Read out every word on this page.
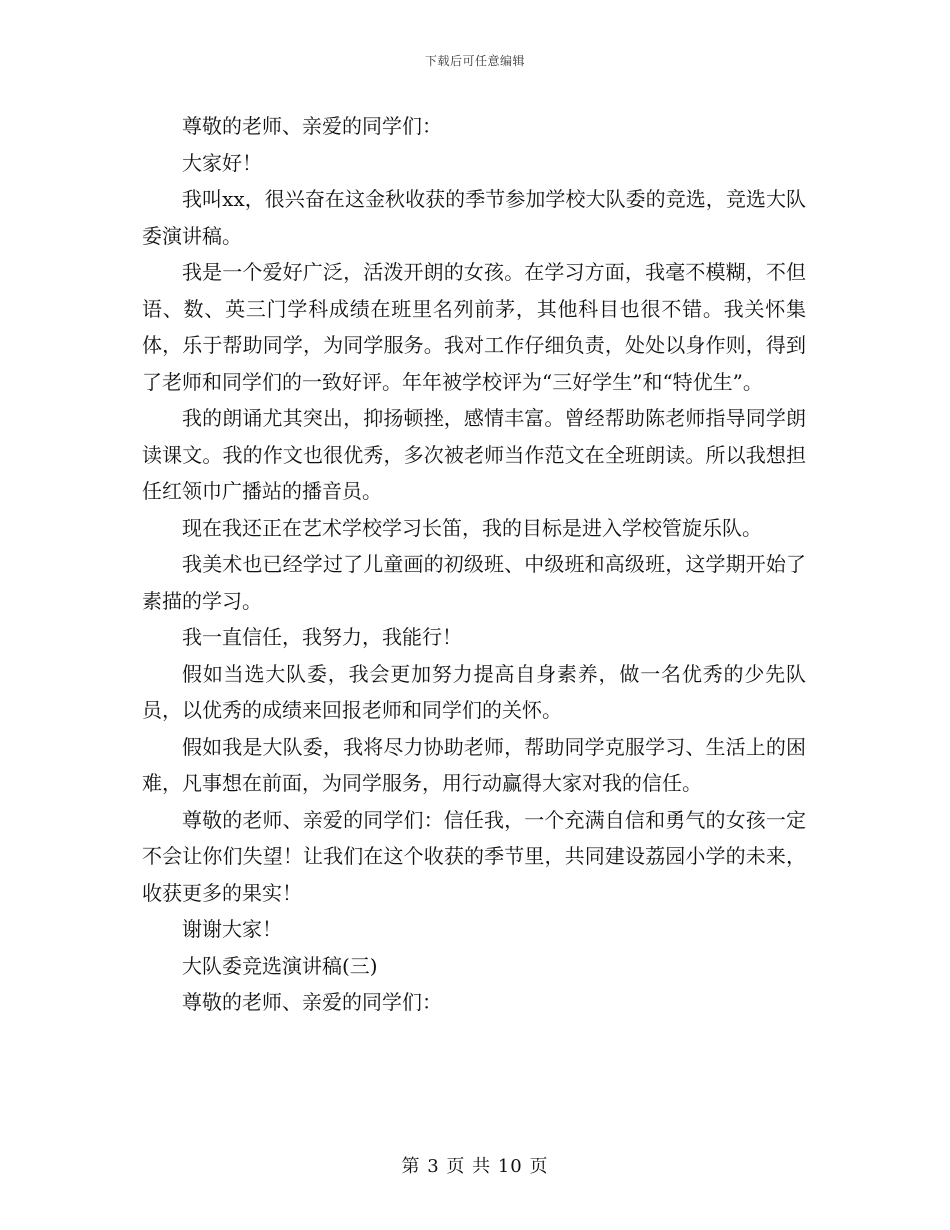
下载后可任意编辑

尊敬的老师、亲爱的同学们：

大家好！

我叫xx，很兴奋在这金秋收获的季节参加学校大队委的竞选，竞选大队委演讲稿。

我是一个爱好广泛，活泼开朗的女孩。在学习方面，我毫不模糊，不但语、数、英三门学科成绩在班里名列前茅，其他科目也很不错。我关怀集体，乐于帮助同学，为同学服务。我对工作仔细负责，处处以身作则，得到了老师和同学们的一致好评。年年被学校评为“三好学生”和“特优生”。

我的朗诵尤其突出，抑扬顿挫，感情丰富。曾经帮助陈老师指导同学朗读课文。我的作文也很优秀，多次被老师当作范文在全班朗读。所以我想担任红领巾广播站的播音员。

现在我还正在艺术学校学习长笛，我的目标是进入学校管旋乐队。

我美术也已经学过了儿童画的初级班、中级班和高级班，这学期开始了素描的学习。

我一直信任，我努力，我能行！

假如当选大队委，我会更加努力提高自身素养，做一名优秀的少先队员，以优秀的成绩来回报老师和同学们的关怀。

假如我是大队委，我将尽力协助老师，帮助同学克服学习、生活上的困难，凡事想在前面，为同学服务，用行动赢得大家对我的信任。

尊敬的老师、亲爱的同学们：信任我，一个充满自信和勇气的女孩一定不会让你们失望！让我们在这个收获的季节里，共同建设荔园小学的未来，收获更多的果实！

谢谢大家！

大队委竞选演讲稿(三)

尊敬的老师、亲爱的同学们：

第 3 页 共 10 页
